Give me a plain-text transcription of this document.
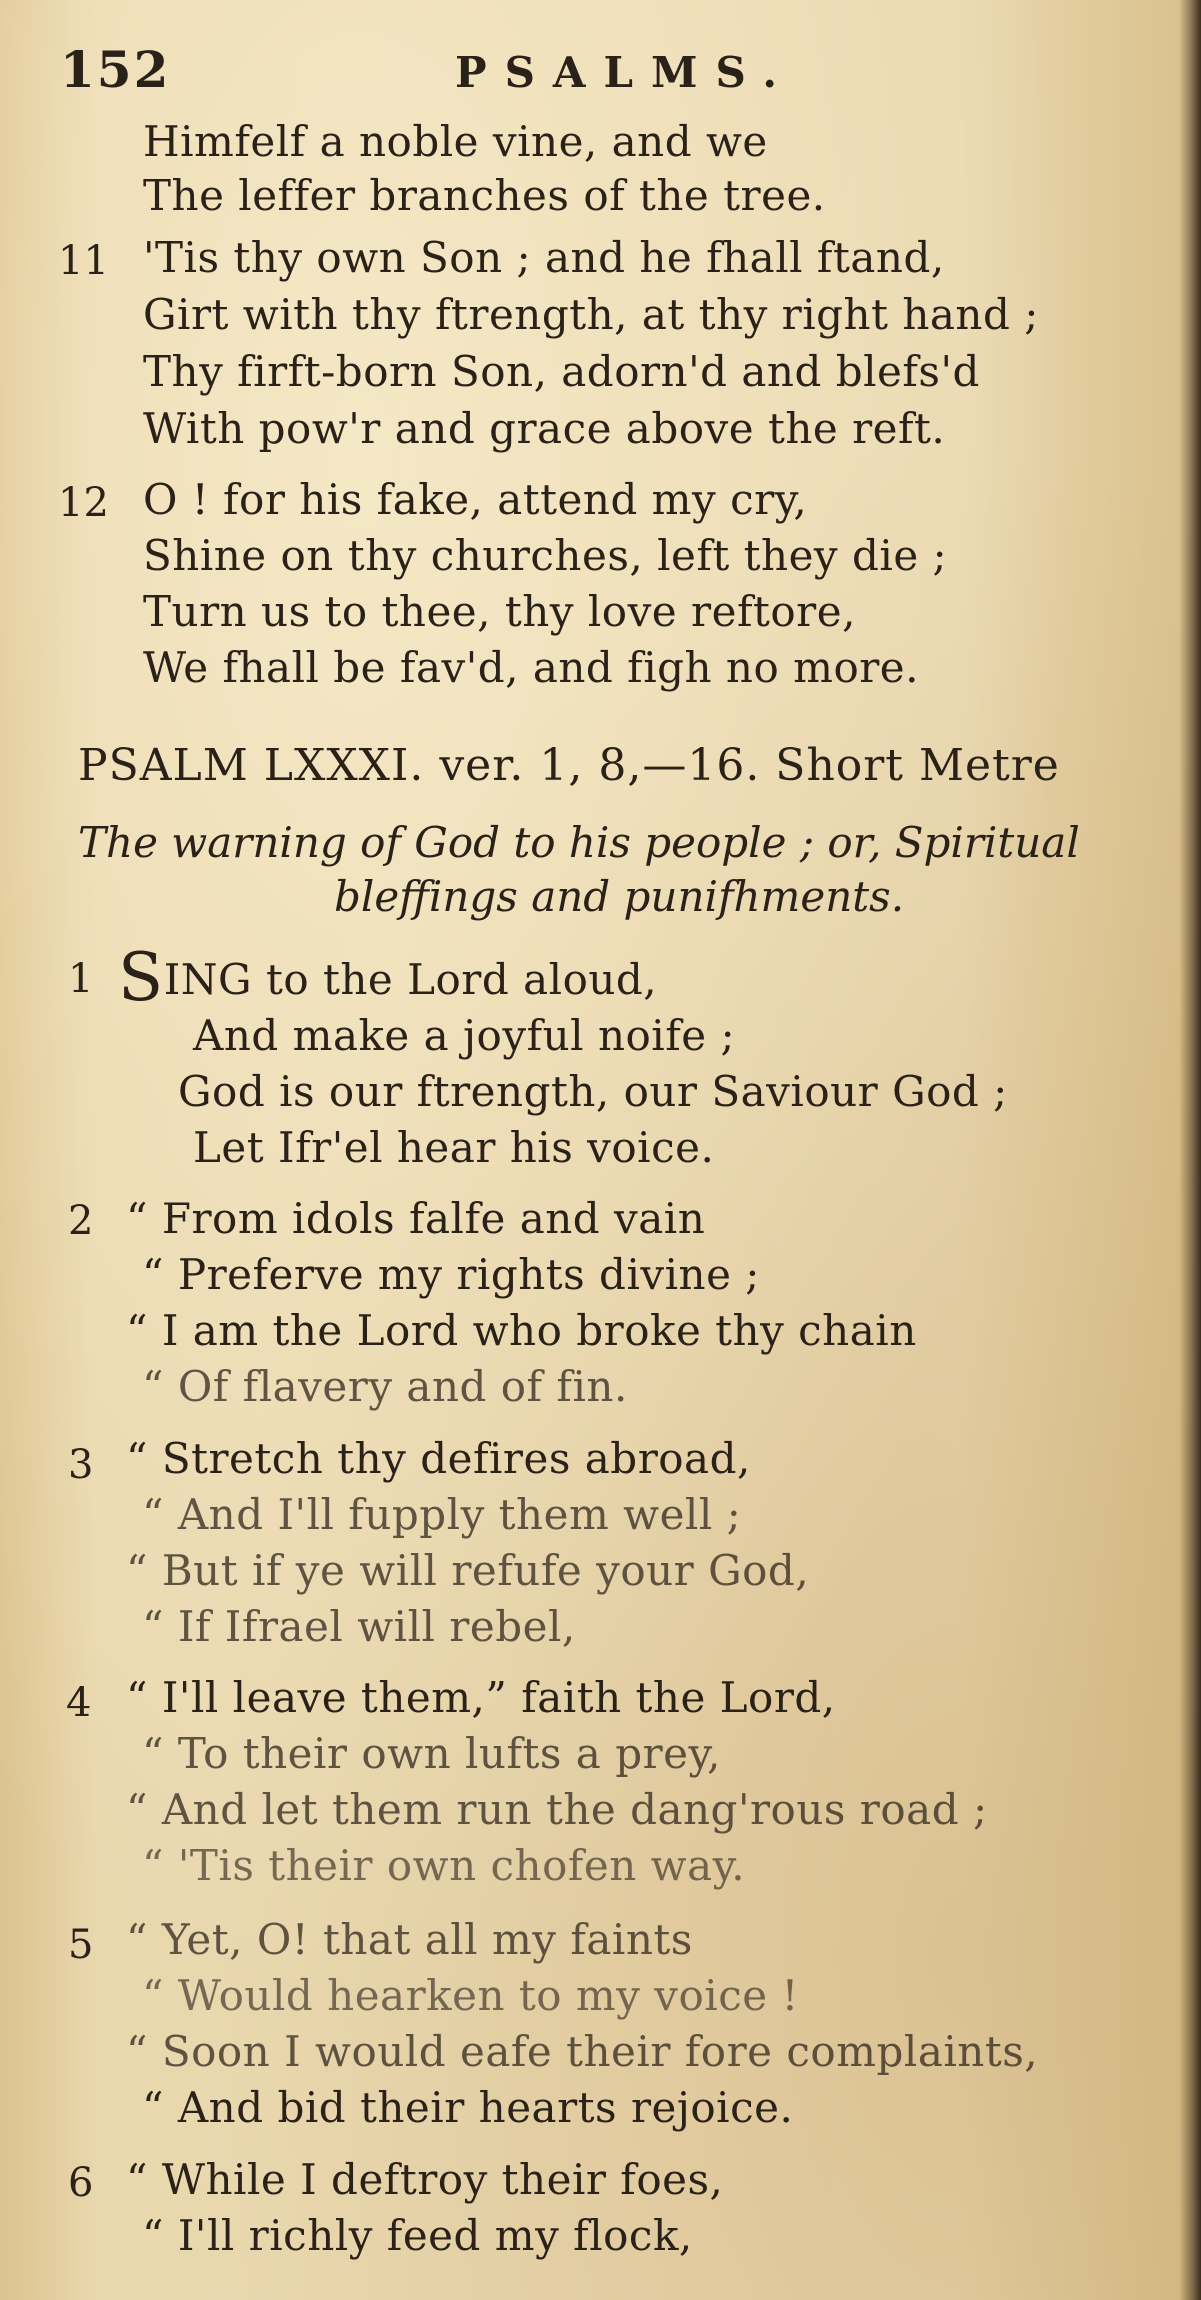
152	PSALMS.
Himfelf a noble vine, and we
The leffer branches of the tree.
11 'Tis thy own Son ; and he fhall ftand,
Girt with thy ftrength, at thy right hand ;
Thy firft-born Son, adorn'd and blefs'd
With pow'r and grace above the reft.
12 O ! for his fake, attend my cry,
Shine on thy churches, left they die ;
Turn us to thee, thy love reftore,
We fhall be fav'd, and figh no more.
PSALM LXXXI. ver. 1, 8,—16. Short Metre
The warning of God to his people ; or, Spiritual
bleffings and punifhments.
1 SING to the Lord aloud,
And make a joyful noife ;
God is our ftrength, our Saviour God ;
Let Ifr'el hear his voice.
2 “ From idols falfe and vain
“ Preferve my rights divine ;
“ I am the Lord who broke thy chain
“ Of flavery and of fin.
3 “ Stretch thy defires abroad,
“ And I'll fupply them well ;
“ But if ye will refufe your God,
“ If Ifrael will rebel,
4 “ I'll leave them,” faith the Lord,
“ To their own lufts a prey,
“ And let them run the dang'rous road ;
“ 'Tis their own chofen way.
5 “ Yet, O! that all my faints
“ Would hearken to my voice !
“ Soon I would eafe their fore complaints,
“ And bid their hearts rejoice.
6 “ While I deftroy their foes,
“ I'll richly feed my flock,
